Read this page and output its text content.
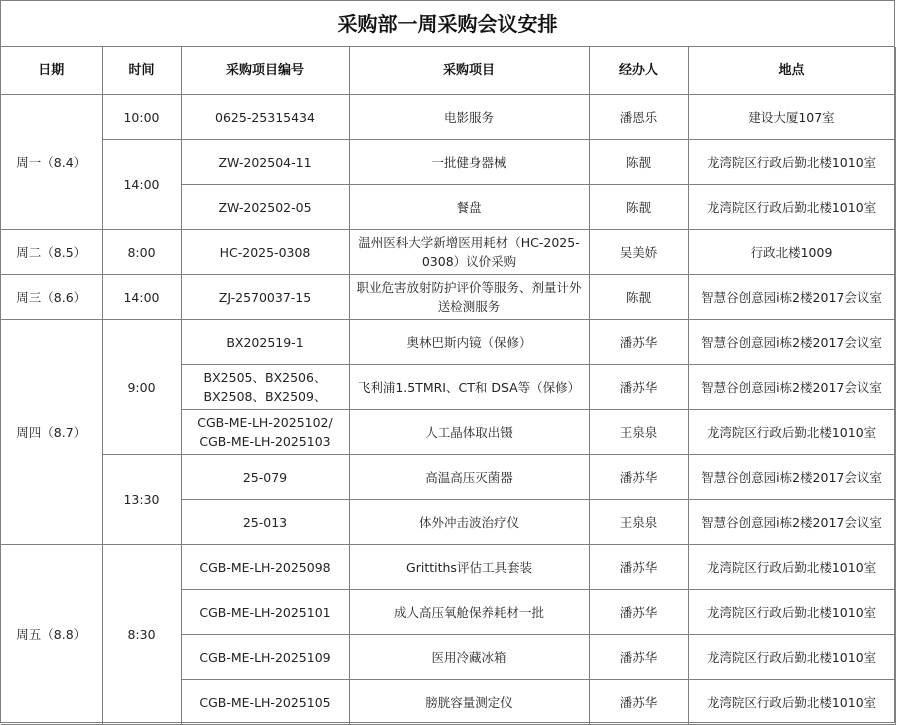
采购部一周采购会议安排
日期	时间	采购项目编号	采购项目	经办人	地点
周一（8.4）	10:00	0625-25315434	电影服务	潘恩乐	建设大厦107室
	14:00	ZW-202504-11	一批健身器械	陈靓	龙湾院区行政后勤北楼1010室
		ZW-202502-05	餐盘	陈靓	龙湾院区行政后勤北楼1010室
周二（8.5）	8:00	HC-2025-0308	温州医科大学新增医用耗材（HC-2025-0308）议价采购	吴美娇	行政北楼1009
周三（8.6）	14:00	ZJ-2570037-15	职业危害放射防护评价等服务、剂量计外送检测服务	陈靓	智慧谷创意园i栋2楼2017会议室
周四（8.7）	9:00	BX202519-1	奥林巴斯内镜（保修）	潘苏华	智慧谷创意园i栋2楼2017会议室
		BX2505、BX2506、BX2508、BX2509、	飞利浦1.5TMRI、CT和 DSA等（保修）	潘苏华	智慧谷创意园i栋2楼2017会议室
		CGB-ME-LH-2025102/ CGB-ME-LH-2025103	人工晶体取出镊	王泉泉	龙湾院区行政后勤北楼1010室
	13:30	25-079	高温高压灭菌器	潘苏华	智慧谷创意园i栋2楼2017会议室
		25-013	体外冲击波治疗仪	王泉泉	智慧谷创意园i栋2楼2017会议室
周五（8.8）	8:30	CGB-ME-LH-2025098	Grittiths评估工具套装	潘苏华	龙湾院区行政后勤北楼1010室
		CGB-ME-LH-2025101	成人高压氧舱保养耗材一批	潘苏华	龙湾院区行政后勤北楼1010室
		CGB-ME-LH-2025109	医用冷藏冰箱	潘苏华	龙湾院区行政后勤北楼1010室
		CGB-ME-LH-2025105	膀胱容量测定仪	潘苏华	龙湾院区行政后勤北楼1010室
